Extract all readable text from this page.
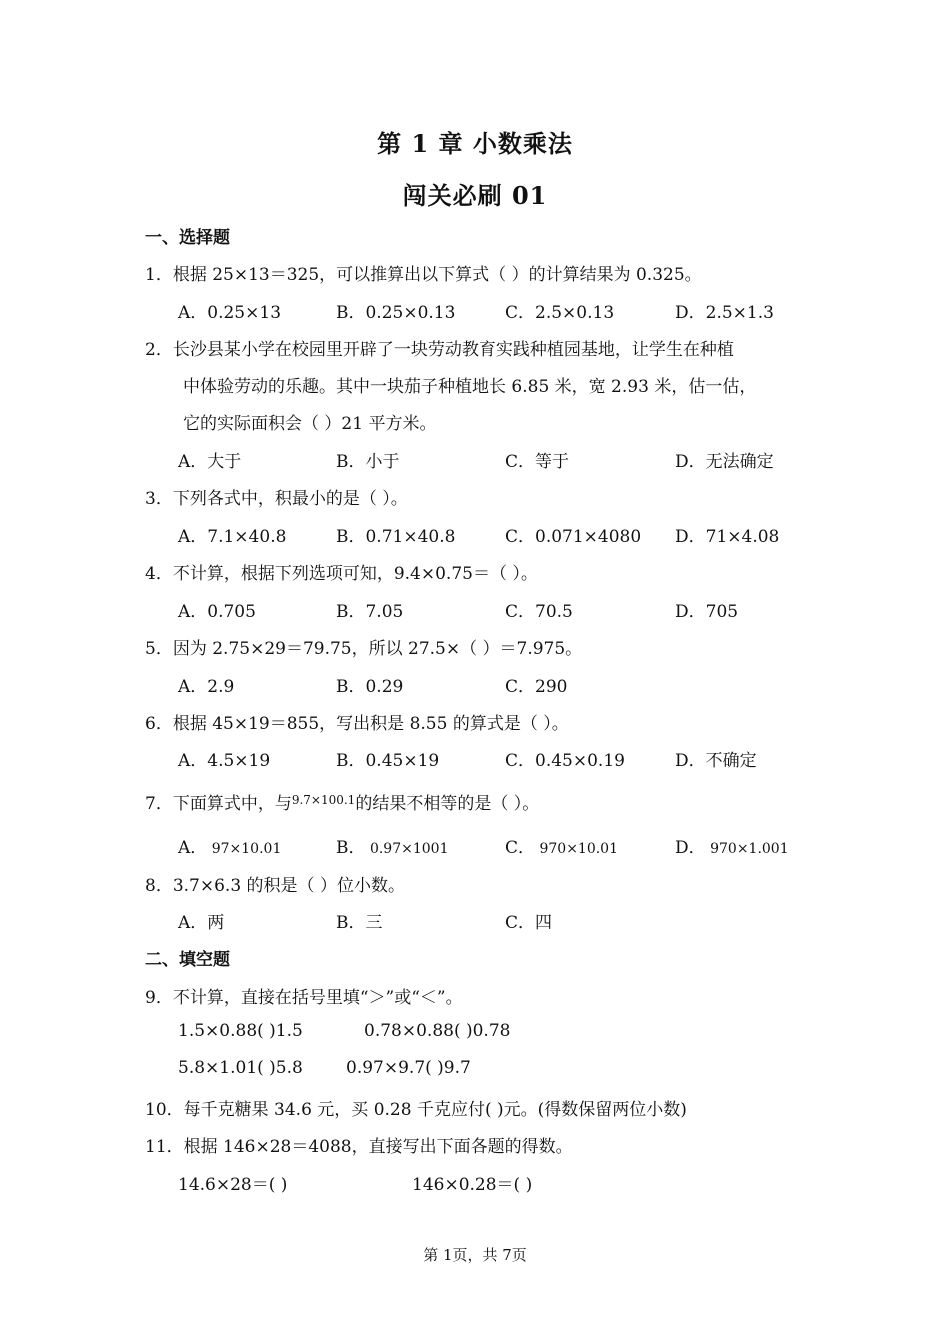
第 1 章 小数乘法
闯关必刷 01
一、选择题
1．根据 25×13＝325，可以推算出以下算式（ ）的计算结果为 0.325。
A．0.25×13	B．0.25×0.13	C．2.5×0.13	D．2.5×1.3
2．长沙县某小学在校园里开辟了一块劳动教育实践种植园基地，让学生在种植
中体验劳动的乐趣。其中一块茄子种植地长 6.85 米，宽 2.93 米，估一估，
它的实际面积会（ ）21 平方米。
A．大于	B．小于	C．等于	D．无法确定
3．下列各式中，积最小的是（ ）。
A．7.1×40.8	B．0.71×40.8	C．0.071×4080 D．71×4.08
4．不计算，根据下列选项可知，9.4×0.75＝（ ）。
A．0.705	B．7.05	C．70.5	D．705
5．因为 2.75×29＝79.75，所以 27.5×（ ）＝7.975。
A．2.9	B．0.29	C．290
6．根据 45×19＝855，写出积是 8.55 的算式是（ ）。
A．4.5×19	B．0.45×19	C．0.45×0.19	D．不确定
7．下面算式中，与$^{9.7\times 100.1}$的结果不相等的是（ ）。
A． 97×10.01	B． 0.97×1001	C． 970×10.01	D． 970×1.001
8．3.7×6.3 的积是（ ）位小数。
A．两	B．三	C．四
二、填空题
9．不计算，直接在括号里填“＞”或“＜”。
1.5×0.88( )1.5	0.78×0.88( )0.78
5.8×1.01( )5.8	0.97×9.7( )9.7
10．每千克糖果 34.6 元，买 0.28 千克应付( )元。(得数保留两位小数)
11．根据 146×28＝4088，直接写出下面各题的得数。
14.6×28＝( )	146×0.28＝( )
第 1页，共 7页
